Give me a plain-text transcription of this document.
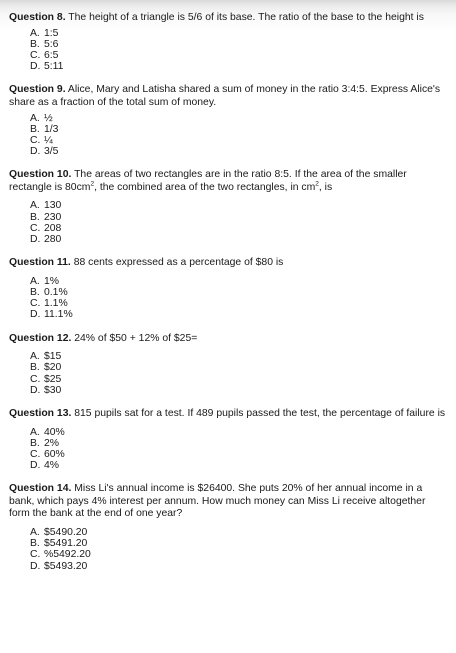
Question 8. The height of a triangle is 5/6 of its base. The ratio of the base to the height is

A. 1:5
B. 5:6
C. 6:5
D. 5:11

Question 9. Alice, Mary and Latisha shared a sum of money in the ratio 3:4:5. Express Alice's share as a fraction of the total sum of money.

A. ½
B. 1/3
C. ¼
D. 3/5

Question 10. The areas of two rectangles are in the ratio 8:5. If the area of the smaller rectangle is $80cm^2$, the combined area of the two rectangles, in $cm^2$, is

A. 130
B. 230
C. 208
D. 280

Question 11. 88 cents expressed as a percentage of $80 is

A. 1%
B. 0.1%
C. 1.1%
D. 11.1%

Question 12. 24% of $50 + 12% of $25=

A. $15
B. $20
C. $25
D. $30

Question 13. 815 pupils sat for a test. If 489 pupils passed the test, the percentage of failure is

A. 40%
B. 2%
C. 60%
D. 4%

Question 14. Miss Li's annual income is $26400. She puts 20% of her annual income in a bank, which pays 4% interest per annum. How much money can Miss Li receive altogether form the bank at the end of one year?

A. $5490.20
B. $5491.20
C. %5492.20
D. $5493.20
